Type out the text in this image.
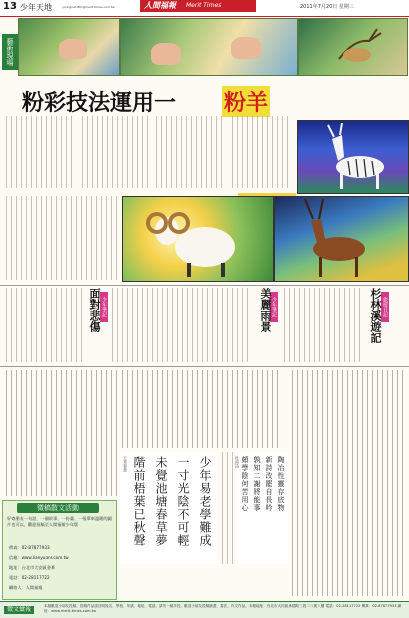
13 少年天地	youngnet.Bfn@merit-times.com.tw	人間福報 Merit Times	2011年7月20日 星期三
藝術現場
粉彩技法運用一 粉羊
少年筆記
面對悲傷	少年筆記
美麗雨景	旅遊日記
杉林溪遊記
少年易老學難成
一寸光陰不可輕
未覺池塘春草夢
階前梧葉已秋聲
王秀蓉書	陶冶性靈存底物
新詩改罷自長吟
孰知二謝將能事
頗學陰何苦用心
杜甫詩
徵稿散文活動
好寄朋友一句話，一個故事、一份畫、一張單車溫暖的圖片也可以，歡迎投稿至人間福報少年版
傳真：02-87877933
信箱：www.lianyuanr.com.tw
地址：台北市大安區金華
電話：02-28117722
聯絡人：人間福報
徵文彙報	本版歡迎小朋友投稿，投稿作品請註明姓名、學校、年級、地址、電話。請勿一稿多投。歡迎小朋友投稿繪畫、書法、作文作品。本報地址：台北市大同區承德路三段二八號八樓 電話：02-28117722 傳真：02-87877933 網址：www.merit-times.com.tw
